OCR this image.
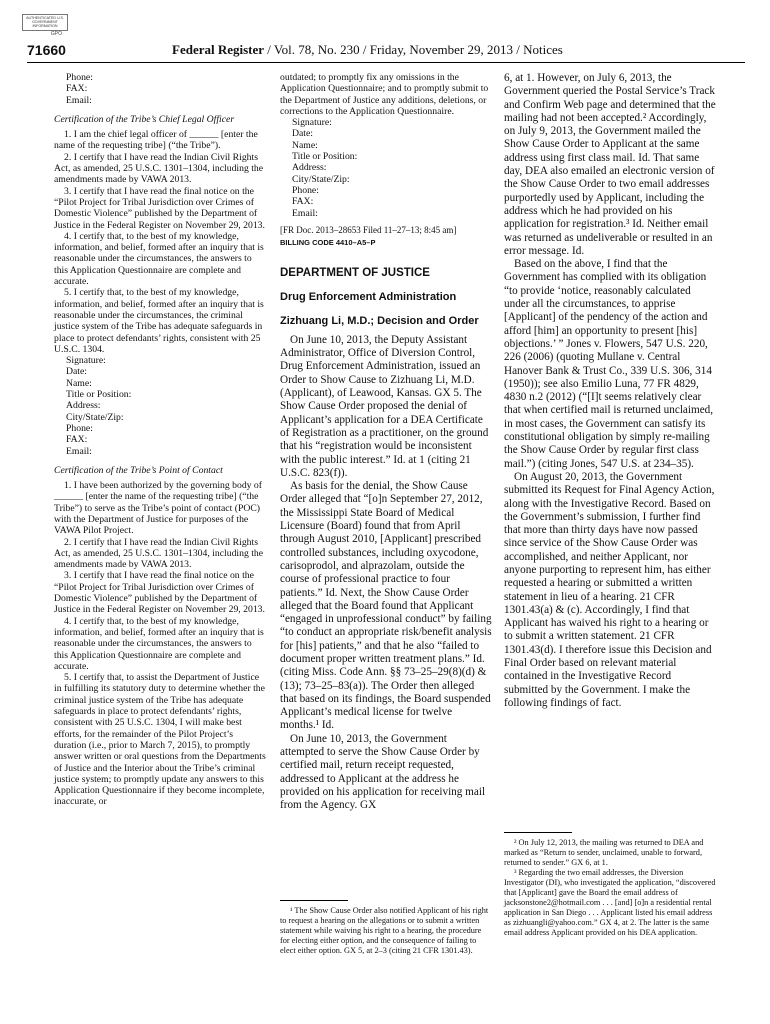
AUTHENTICATED U.S. GOVERNMENT INFORMATION
GPO
71660	Federal Register / Vol. 78, No. 230 / Friday, November 29, 2013 / Notices

Phone:

FAX:

Email:

Certification of the Tribe’s Chief Legal Officer

1. I am the chief legal officer of ______ [enter the name of the requesting tribe] (“the Tribe”).

2. I certify that I have read the Indian Civil Rights Act, as amended, 25 U.S.C. 1301–1304, including the amendments made by VAWA 2013.

3. I certify that I have read the final notice on the “Pilot Project for Tribal Jurisdiction over Crimes of Domestic Violence” published by the Department of Justice in the Federal Register on November 29, 2013.

4. I certify that, to the best of my knowledge, information, and belief, formed after an inquiry that is reasonable under the circumstances, the answers to this Application Questionnaire are complete and accurate.

5. I certify that, to the best of my knowledge, information, and belief, formed after an inquiry that is reasonable under the circumstances, the criminal justice system of the Tribe has adequate safeguards in place to protect defendants’ rights, consistent with 25 U.S.C. 1304.

Signature:

Date:

Name:

Title or Position:

Address:

City/State/Zip:

Phone:

FAX:

Email:

Certification of the Tribe’s Point of Contact

1. I have been authorized by the governing body of ______ [enter the name of the requesting tribe] (“the Tribe”) to serve as the Tribe’s point of contact (POC) with the Department of Justice for purposes of the VAWA Pilot Project.

2. I certify that I have read the Indian Civil Rights Act, as amended, 25 U.S.C. 1301–1304, including the amendments made by VAWA 2013.

3. I certify that I have read the final notice on the “Pilot Project for Tribal Jurisdiction over Crimes of Domestic Violence” published by the Department of Justice in the Federal Register on November 29, 2013.

4. I certify that, to the best of my knowledge, information, and belief, formed after an inquiry that is reasonable under the circumstances, the answers to this Application Questionnaire are complete and accurate.

5. I certify that, to assist the Department of Justice in fulfilling its statutory duty to determine whether the criminal justice system of the Tribe has adequate safeguards in place to protect defendants’ rights, consistent with 25 U.S.C. 1304, I will make best efforts, for the remainder of the Pilot Project’s duration (i.e., prior to March 7, 2015), to promptly answer written or oral questions from the Departments of Justice and the Interior about the Tribe’s criminal justice system; to promptly update any answers to this Application Questionnaire if they become incomplete, inaccurate, or

outdated; to promptly fix any omissions in the Application Questionnaire; and to promptly submit to the Department of Justice any additions, deletions, or corrections to the Application Questionnaire.

Signature:

Date:

Name:

Title or Position:

Address:

City/State/Zip:

Phone:

FAX:

Email:

[FR Doc. 2013–28653 Filed 11–27–13; 8:45 am]

BILLING CODE 4410–A5–P

DEPARTMENT OF JUSTICE

Drug Enforcement Administration

Zizhuang Li, M.D.; Decision and Order

On June 10, 2013, the Deputy Assistant Administrator, Office of Diversion Control, Drug Enforcement Administration, issued an Order to Show Cause to Zizhuang Li, M.D. (Applicant), of Leawood, Kansas. GX 5. The Show Cause Order proposed the denial of Applicant’s application for a DEA Certificate of Registration as a practitioner, on the ground that his “registration would be inconsistent with the public interest.” Id. at 1 (citing 21 U.S.C. 823(f)).

As basis for the denial, the Show Cause Order alleged that “[o]n September 27, 2012, the Mississippi State Board of Medical Licensure (Board) found that from April through August 2010, [Applicant] prescribed controlled substances, including oxycodone, carisoprodol, and alprazolam, outside the course of professional practice to four patients.” Id. Next, the Show Cause Order alleged that the Board found that Applicant “engaged in unprofessional conduct” by failing “to conduct an appropriate risk/benefit analysis for [his] patients,” and that he also “failed to document proper written treatment plans.” Id. (citing Miss. Code Ann. §§ 73–25–29(8)(d) & (13); 73–25–83(a)). The Order then alleged that based on its findings, the Board suspended Applicant’s medical license for twelve months.¹ Id.

On June 10, 2013, the Government attempted to serve the Show Cause Order by certified mail, return receipt requested, addressed to Applicant at the address he provided on his application for receiving mail from the Agency. GX

¹ The Show Cause Order also notified Applicant of his right to request a hearing on the allegations or to submit a written statement while waiving his right to a hearing, the procedure for electing either option, and the consequence of failing to elect either option. GX 5, at 2–3 (citing 21 CFR 1301.43).

6, at 1. However, on July 6, 2013, the Government queried the Postal Service’s Track and Confirm Web page and determined that the mailing had not been accepted.² Accordingly, on July 9, 2013, the Government mailed the Show Cause Order to Applicant at the same address using first class mail. Id. That same day, DEA also emailed an electronic version of the Show Cause Order to two email addresses purportedly used by Applicant, including the address which he had provided on his application for registration.³ Id. Neither email was returned as undeliverable or resulted in an error message. Id.

Based on the above, I find that the Government has complied with its obligation “to provide ‘notice, reasonably calculated under all the circumstances, to apprise [Applicant] of the pendency of the action and afford [him] an opportunity to present [his] objections.’ ” Jones v. Flowers, 547 U.S. 220, 226 (2006) (quoting Mullane v. Central Hanover Bank & Trust Co., 339 U.S. 306, 314 (1950)); see also Emilio Luna, 77 FR 4829, 4830 n.2 (2012) (“[I]t seems relatively clear that when certified mail is returned unclaimed, in most cases, the Government can satisfy its constitutional obligation by simply re-mailing the Show Cause Order by regular first class mail.”) (citing Jones, 547 U.S. at 234–35).

On August 20, 2013, the Government submitted its Request for Final Agency Action, along with the Investigative Record. Based on the Government’s submission, I further find that more than thirty days have now passed since service of the Show Cause Order was accomplished, and neither Applicant, nor anyone purporting to represent him, has either requested a hearing or submitted a written statement in lieu of a hearing. 21 CFR 1301.43(a) & (c). Accordingly, I find that Applicant has waived his right to a hearing or to submit a written statement. 21 CFR 1301.43(d). I therefore issue this Decision and Final Order based on relevant material contained in the Investigative Record submitted by the Government. I make the following findings of fact.

² On July 12, 2013, the mailing was returned to DEA and marked as “Return to sender, unclaimed, unable to forward, returned to sender.” GX 6, at 1.

³ Regarding the two email addresses, the Diversion Investigator (DI), who investigated the application, “discovered that [Applicant] gave the Board the email address of jacksonstone2@hotmail.com . . . [and] [o]n a residential rental application in San Diego . . . Applicant listed his email address as zizhuangli@yahoo.com.” GX 4, at 2. The latter is the same email address Applicant provided on his DEA application.
